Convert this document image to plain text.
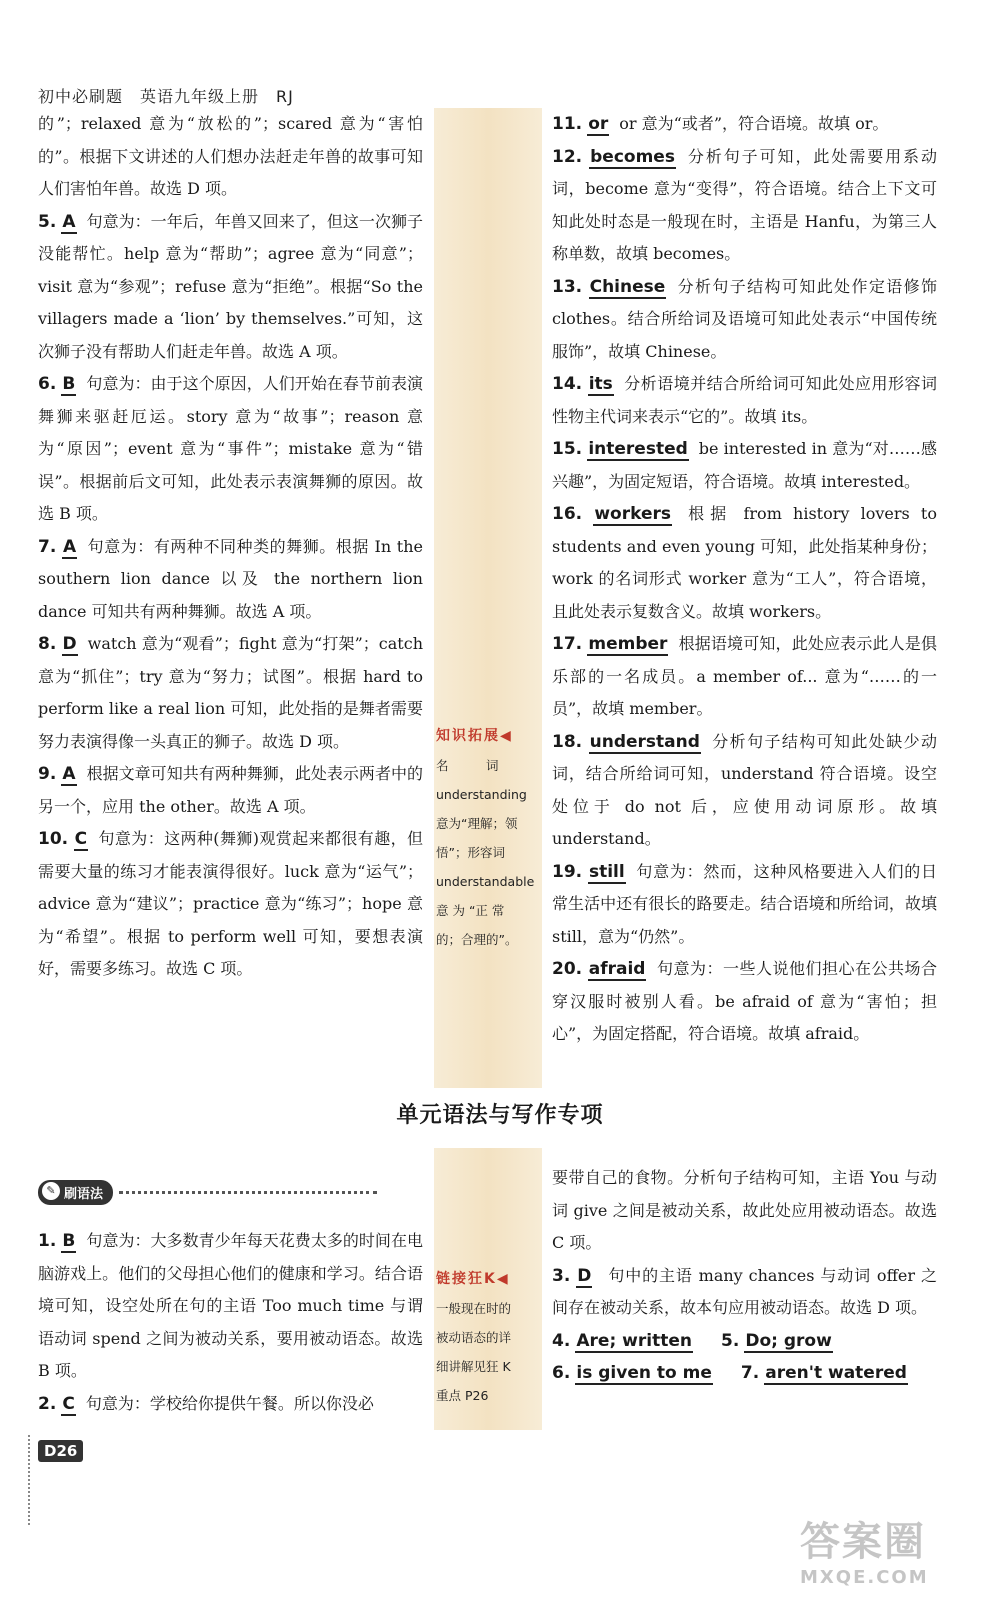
初中必刷题　英语九年级上册　RJ

的”；relaxed 意为“放松的”；scared 意为“害怕的”。根据下文讲述的人们想办法赶走年兽的故事可知人们害怕年兽。故选 D 项。

5. A 句意为：一年后，年兽又回来了，但这一次狮子没能帮忙。help 意为“帮助”；agree 意为“同意”；visit 意为“参观”；refuse 意为“拒绝”。根据“So the villagers made a ‘lion’ by themselves.”可知，这次狮子没有帮助人们赶走年兽。故选 A 项。

6. B 句意为：由于这个原因，人们开始在春节前表演舞狮来驱赶厄运。story 意为“故事”；reason 意为“原因”；event 意为“事件”；mistake 意为“错误”。根据前后文可知，此处表示表演舞狮的原因。故选 B 项。

7. A 句意为：有两种不同种类的舞狮。根据 In the southern lion dance 以及 the northern lion dance 可知共有两种舞狮。故选 A 项。

8. D watch 意为“观看”；fight 意为“打架”；catch 意为“抓住”；try 意为“努力；试图”。根据 hard to perform like a real lion 可知，此处指的是舞者需要努力表演得像一头真正的狮子。故选 D 项。

9. A 根据文章可知共有两种舞狮，此处表示两者中的另一个，应用 the other。故选 A 项。

10. C 句意为：这两种(舞狮)观赏起来都很有趣，但需要大量的练习才能表演得很好。luck 意为“运气”；advice 意为“建议”；practice 意为“练习”；hope 意为“希望”。根据 to perform well 可知，要想表演好，需要多练习。故选 C 项。

11. or or 意为“或者”，符合语境。故填 or。

12. becomes 分析句子可知，此处需要用系动词，become 意为“变得”，符合语境。结合上下文可知此处时态是一般现在时，主语是 Hanfu，为第三人称单数，故填 becomes。

13. Chinese 分析句子结构可知此处作定语修饰 clothes。结合所给词及语境可知此处表示“中国传统服饰”，故填 Chinese。

14. its 分析语境并结合所给词可知此处应用形容词性物主代词来表示“它的”。故填 its。

15. interested be interested in 意为“对……感兴趣”，为固定短语，符合语境。故填 interested。

16. workers 根据 from history lovers to students and even young 可知，此处指某种身份；work 的名词形式 worker 意为“工人”，符合语境，且此处表示复数含义。故填 workers。

17. member 根据语境可知，此处应表示此人是俱乐部的一名成员。a member of... 意为“……的一员”，故填 member。

18. understand 分析句子结构可知此处缺少动词，结合所给词可知，understand 符合语境。设空处位于 do not 后，应使用动词原形。故填 understand。

19. still 句意为：然而，这种风格要进入人们的日常生活中还有很长的路要走。结合语境和所给词，故填 still，意为“仍然”。

20. afraid 句意为：一些人说他们担心在公共场合穿汉服时被别人看。be afraid of 意为“害怕；担心”，为固定搭配，符合语境。故填 afraid。

知识拓展◀
名　　　词
understanding
意为“理解；领
悟”；形容词
understandable
意 为 “正 常
的；合理的”。
单元语法与写作专项
✎ 刷语法

1. B 句意为：大多数青少年每天花费太多的时间在电脑游戏上。他们的父母担心他们的健康和学习。结合语境可知，设空处所在句的主语 Too much time 与谓语动词 spend 之间为被动关系，要用被动语态。故选 B 项。

2. C 句意为：学校给你提供午餐。所以你没必

要带自己的食物。分析句子结构可知，主语 You 与动词 give 之间是被动关系，故此处应用被动语态。故选 C 项。

3. D 句中的主语 many chances 与动词 offer 之间存在被动关系，故本句应用被动语态。故选 D 项。

4. Are; written	5. Do; grow
6. is given to me	7. aren't watered
链接狂K◀
一般现在时的
被动语态的详
细讲解见狂 K
重点 P26
D26
答案圈
MXQE.COM
